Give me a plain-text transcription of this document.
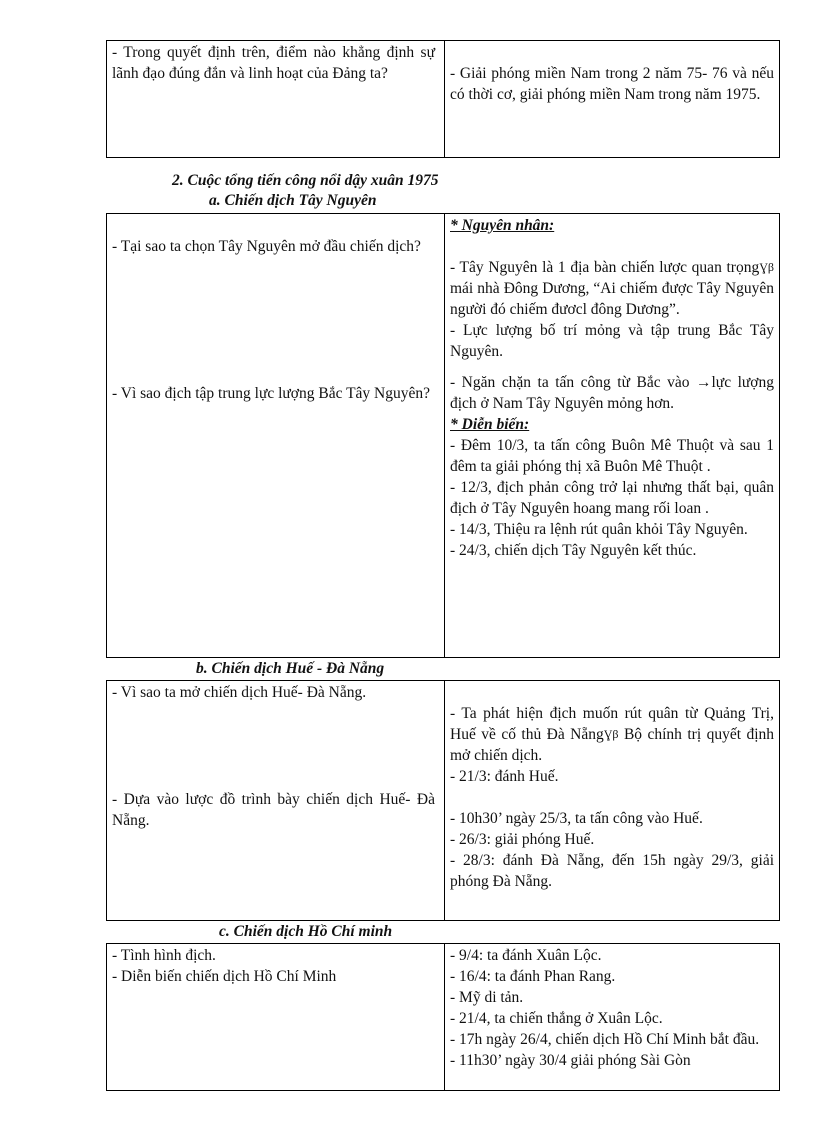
- Trong quyết định trên, điểm nào khẳng định sự lãnh đạo đúng đắn và linh hoạt của Đảng ta?	- Giải phóng miền Nam trong 2 năm 75- 76 và nếu có thời cơ, giải phóng miền Nam trong năm 1975.
2. Cuộc tổng tiến công nổi dậy xuân 1975
a. Chiến dịch Tây Nguyên
- Tại sao ta chọn Tây Nguyên mở đầu chiến dịch?
- Vì sao địch tập trung lực lượng Bắc Tây Nguyên?
* Nguyên nhân:
- Tây Nguyên là 1 địa bàn chiến lược quan trọngƔβ mái nhà Đông Dương, “Ai chiếm được Tây Nguyên người đó chiếm đươcl đông Dương”.
- Lực lượng bố trí mỏng và tập trung Bắc Tây Nguyên.
- Ngăn chặn ta tấn công từ Bắc vào →lực lượng địch ở Nam Tây Nguyên mỏng hơn.
* Diễn biến:
- Đêm 10/3, ta tấn công Buôn Mê Thuột và sau 1 đêm ta giải phóng thị xã Buôn Mê Thuột .
- 12/3, địch phản công trở lại nhưng thất bại, quân địch ở Tây Nguyên hoang mang rối loan .
- 14/3, Thiệu ra lệnh rút quân khỏi Tây Nguyên.
- 24/3, chiến dịch Tây Nguyên kết thúc.
b. Chiến dịch Huế - Đà Nẵng
- Vì sao ta mở chiến dịch Huế- Đà Nẵng.
- Dựa vào lược đồ trình bày chiến dịch Huế- Đà Nẵng.
- Ta phát hiện địch muốn rút quân từ Quảng Trị, Huế về cố thủ Đà NẵngƔβ Bộ chính trị quyết định mở chiến dịch.
- 21/3: đánh Huế.
- 10h30’ ngày 25/3, ta tấn công vào Huế.
- 26/3: giải phóng Huế.
- 28/3: đánh Đà Nẵng, đến 15h ngày 29/3, giải phóng Đà Nẵng.
c. Chiến dịch Hồ Chí minh
- Tình hình địch.
- Diễn biến chiến dịch Hồ Chí Minh
- 9/4: ta đánh Xuân Lộc.
- 16/4: ta đánh Phan Rang.
- Mỹ di tản.
- 21/4, ta chiến thắng ở Xuân Lộc.
- 17h ngày 26/4, chiến dịch Hồ Chí Minh bắt đầu.
- 11h30’ ngày 30/4 giải phóng Sài Gòn
